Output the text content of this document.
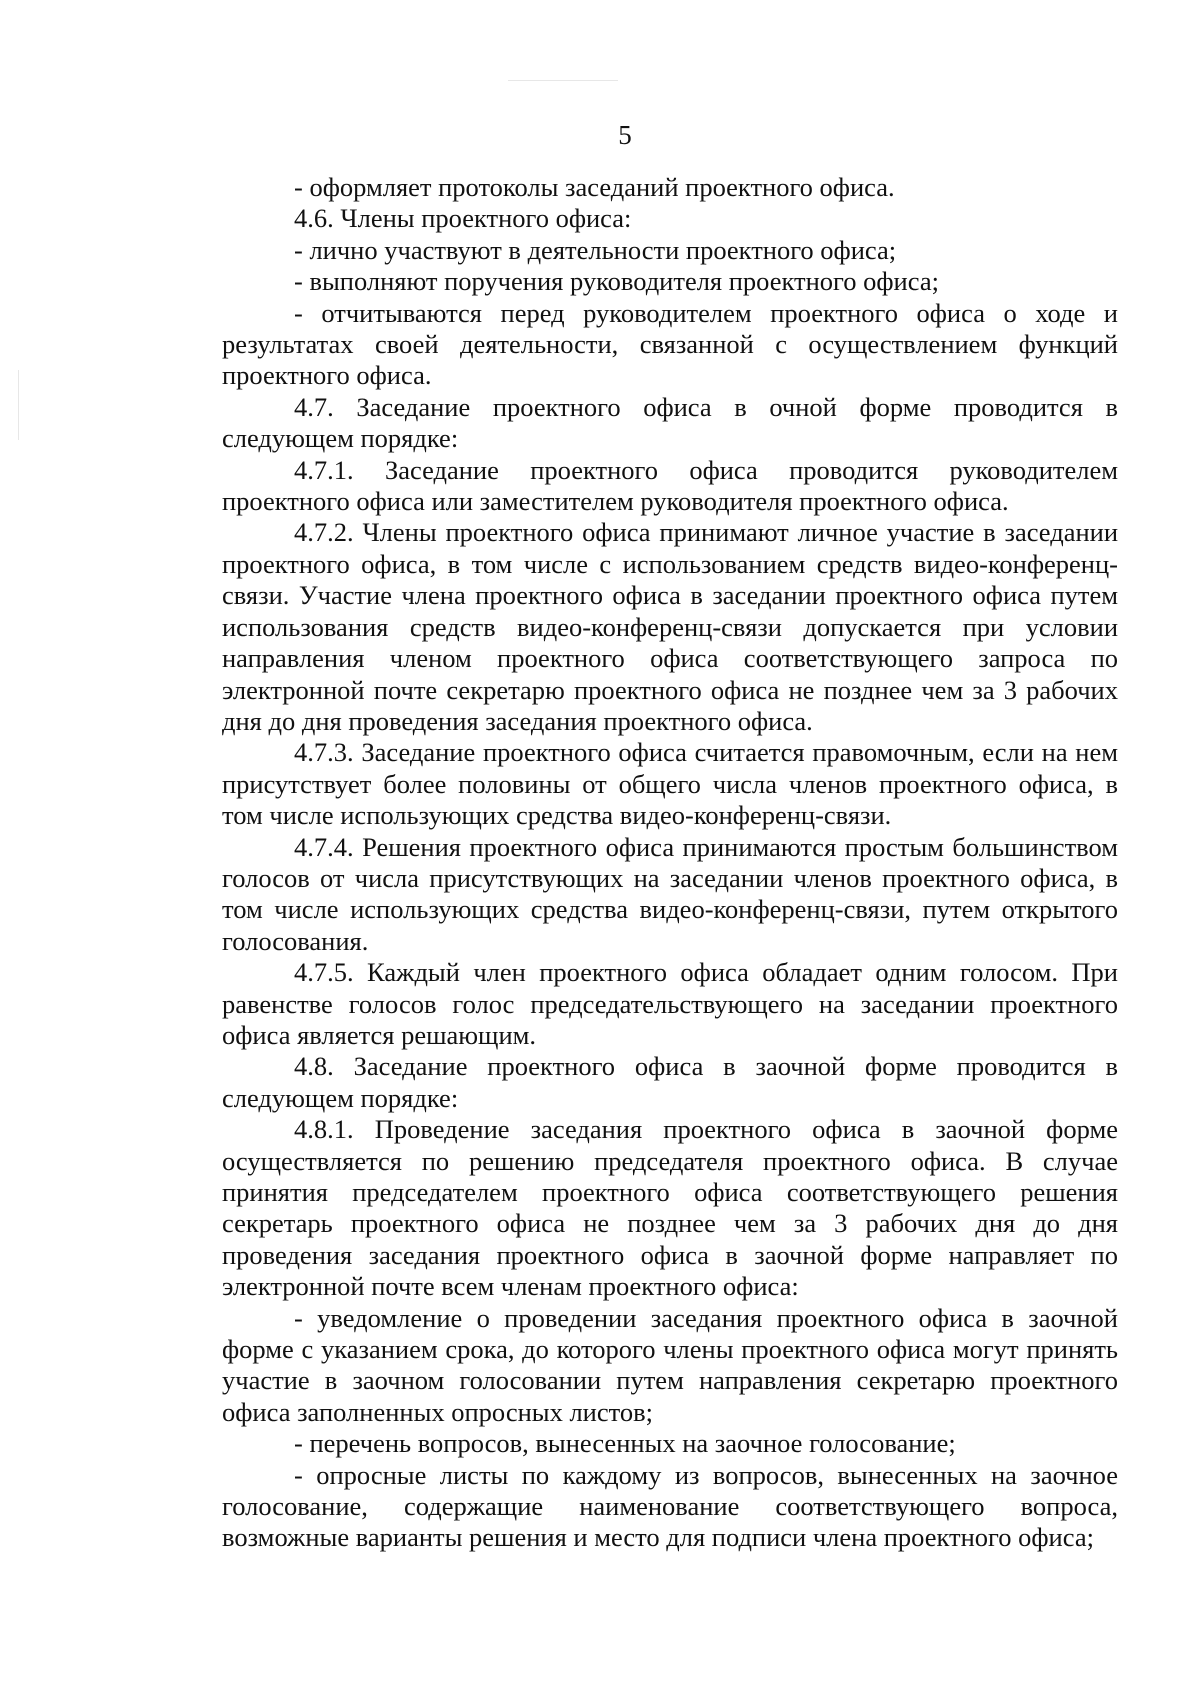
5

- оформляет протоколы заседаний проектного офиса.

4.6. Члены проектного офиса:

- лично участвуют в деятельности проектного офиса;

- выполняют поручения руководителя проектного офиса;

- отчитываются перед руководителем проектного офиса о ходе и результатах своей деятельности, связанной с осуществлением функций проектного офиса.

4.7. Заседание проектного офиса в очной форме проводится в следующем порядке:

4.7.1. Заседание проектного офиса проводится руководителем проектного офиса или заместителем руководителя проектного офиса.

4.7.2. Члены проектного офиса принимают личное участие в заседании проектного офиса, в том числе с использованием средств видео-конференц-связи. Участие члена проектного офиса в заседании проектного офиса путем использования средств видео-конференц-связи допускается при условии направления членом проектного офиса соответствующего запроса по электронной почте секретарю проектного офиса не позднее чем за 3 рабочих дня до дня проведения заседания проектного офиса.

4.7.3. Заседание проектного офиса считается правомочным, если на нем присутствует более половины от общего числа членов проектного офиса, в том числе использующих средства видео-конференц-связи.

4.7.4. Решения проектного офиса принимаются простым большинством голосов от числа присутствующих на заседании членов проектного офиса, в том числе использующих средства видео-конференц-связи, путем открытого голосования.

4.7.5. Каждый член проектного офиса обладает одним голосом. При равенстве голосов голос председательствующего на заседании проектного офиса является решающим.

4.8. Заседание проектного офиса в заочной форме проводится в следующем порядке:

4.8.1. Проведение заседания проектного офиса в заочной форме осуществляется по решению председателя проектного офиса. В случае принятия председателем проектного офиса соответствующего решения секретарь проектного офиса не позднее чем за 3 рабочих дня до дня проведения заседания проектного офиса в заочной форме направляет по электронной почте всем членам проектного офиса:

- уведомление о проведении заседания проектного офиса в заочной форме с указанием срока, до которого члены проектного офиса могут принять участие в заочном голосовании путем направления секретарю проектного офиса заполненных опросных листов;

- перечень вопросов, вынесенных на заочное голосование;

- опросные листы по каждому из вопросов, вынесенных на заочное голосование, содержащие наименование соответствующего вопроса, возможные варианты решения и место для подписи члена проектного офиса;
